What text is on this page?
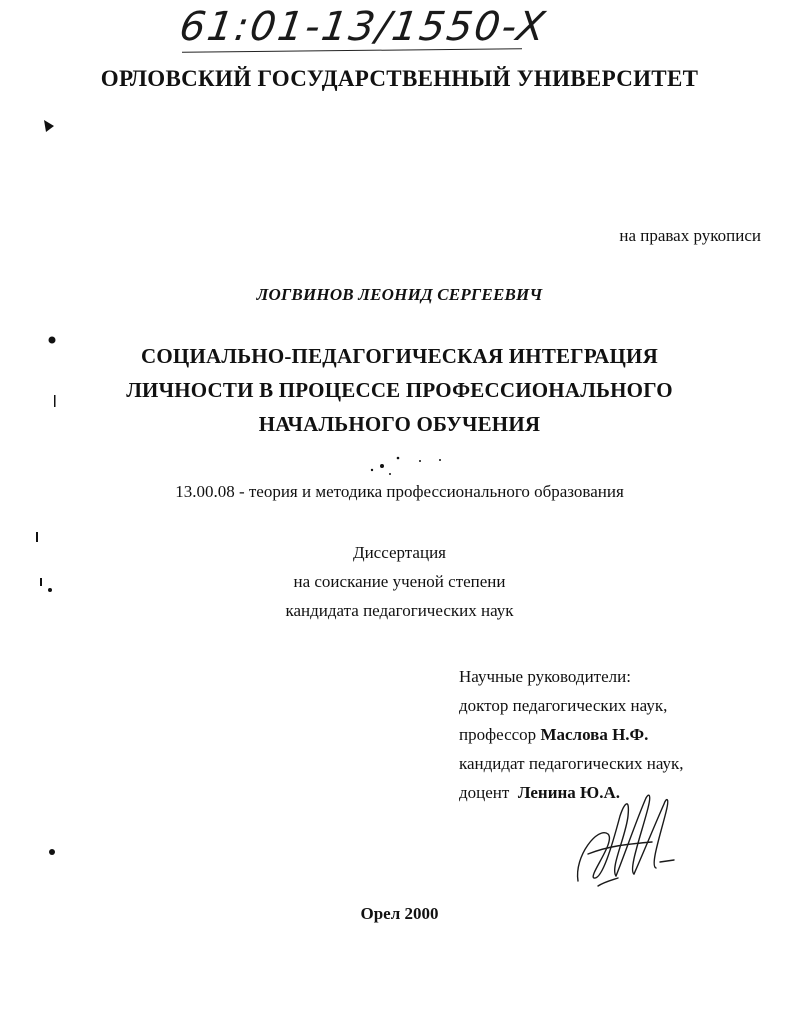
61:01-13/1550-X
ОРЛОВСКИЙ ГОСУДАРСТВЕННЫЙ УНИВЕРСИТЕТ
на правах рукописи
ЛОГВИНОВ ЛЕОНИД СЕРГЕЕВИЧ
СОЦИАЛЬНО-ПЕДАГОГИЧЕСКАЯ ИНТЕГРАЦИЯ
ЛИЧНОСТИ В ПРОЦЕССЕ ПРОФЕССИОНАЛЬНОГО
НАЧАЛЬНОГО ОБУЧЕНИЯ
13.00.08 - теория и методика профессионального образования
Диссертация
на соискание ученой степени
кандидата педагогических наук
Научные руководители:
доктор педагогических наук,
профессор Маслова Н.Ф.
кандидат педагогических наук,
доцент Ленина Ю.А.
Орел 2000
